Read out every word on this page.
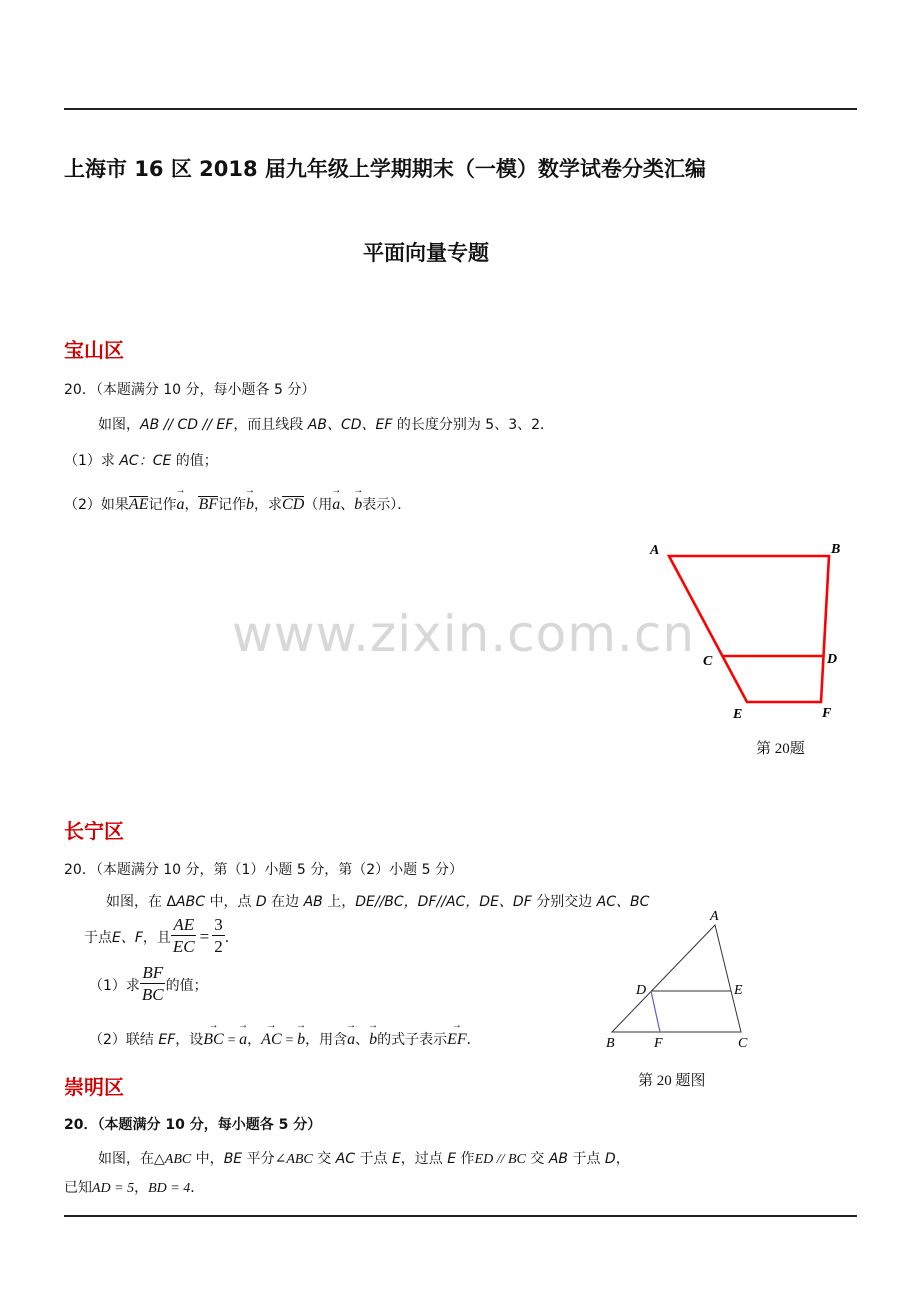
上海市 16 区 2018 届九年级上学期期末（一模）数学试卷分类汇编
平面向量专题
www.zixin.com.cn
宝山区
20．（本题满分 10 分，每小题各 5 分）
如图，AB // CD // EF，而且线段 AB、CD、EF 的长度分别为 5、3、2．
（1）求 AC：CE 的值；
（2）如果AE记作→ a，BF记作→ b，求CD（用→ a、→ b表示）．
A	B
C	D
E	F
第 20题
长宁区
20．（本题满分 10 分，第（1）小题 5 分，第（2）小题 5 分）
如图，在 ΔABC 中，点 D 在边 AB 上，DE//BC，DF//AC，DE、DF 分别交边 AC、BC
于点 E、F ，且 $\frac{AE}{EC} = \frac{3}{2}$ ．
（1）求 $\frac{BF}{BC}$ 的值；
（2）联结 EF，设→ BC = → a，→ AC = → b，用含→ a、→ b的式子表示→ EF．
A
D	E
B	F	C
第 20 题图
崇明区
20．（本题满分 10 分，每小题各 5 分）
如图，在△ABC 中，BE 平分∠ABC 交 AC 于点 E，过点 E 作ED // BC 交 AB 于点 D，
已知AD = 5，BD = 4．
